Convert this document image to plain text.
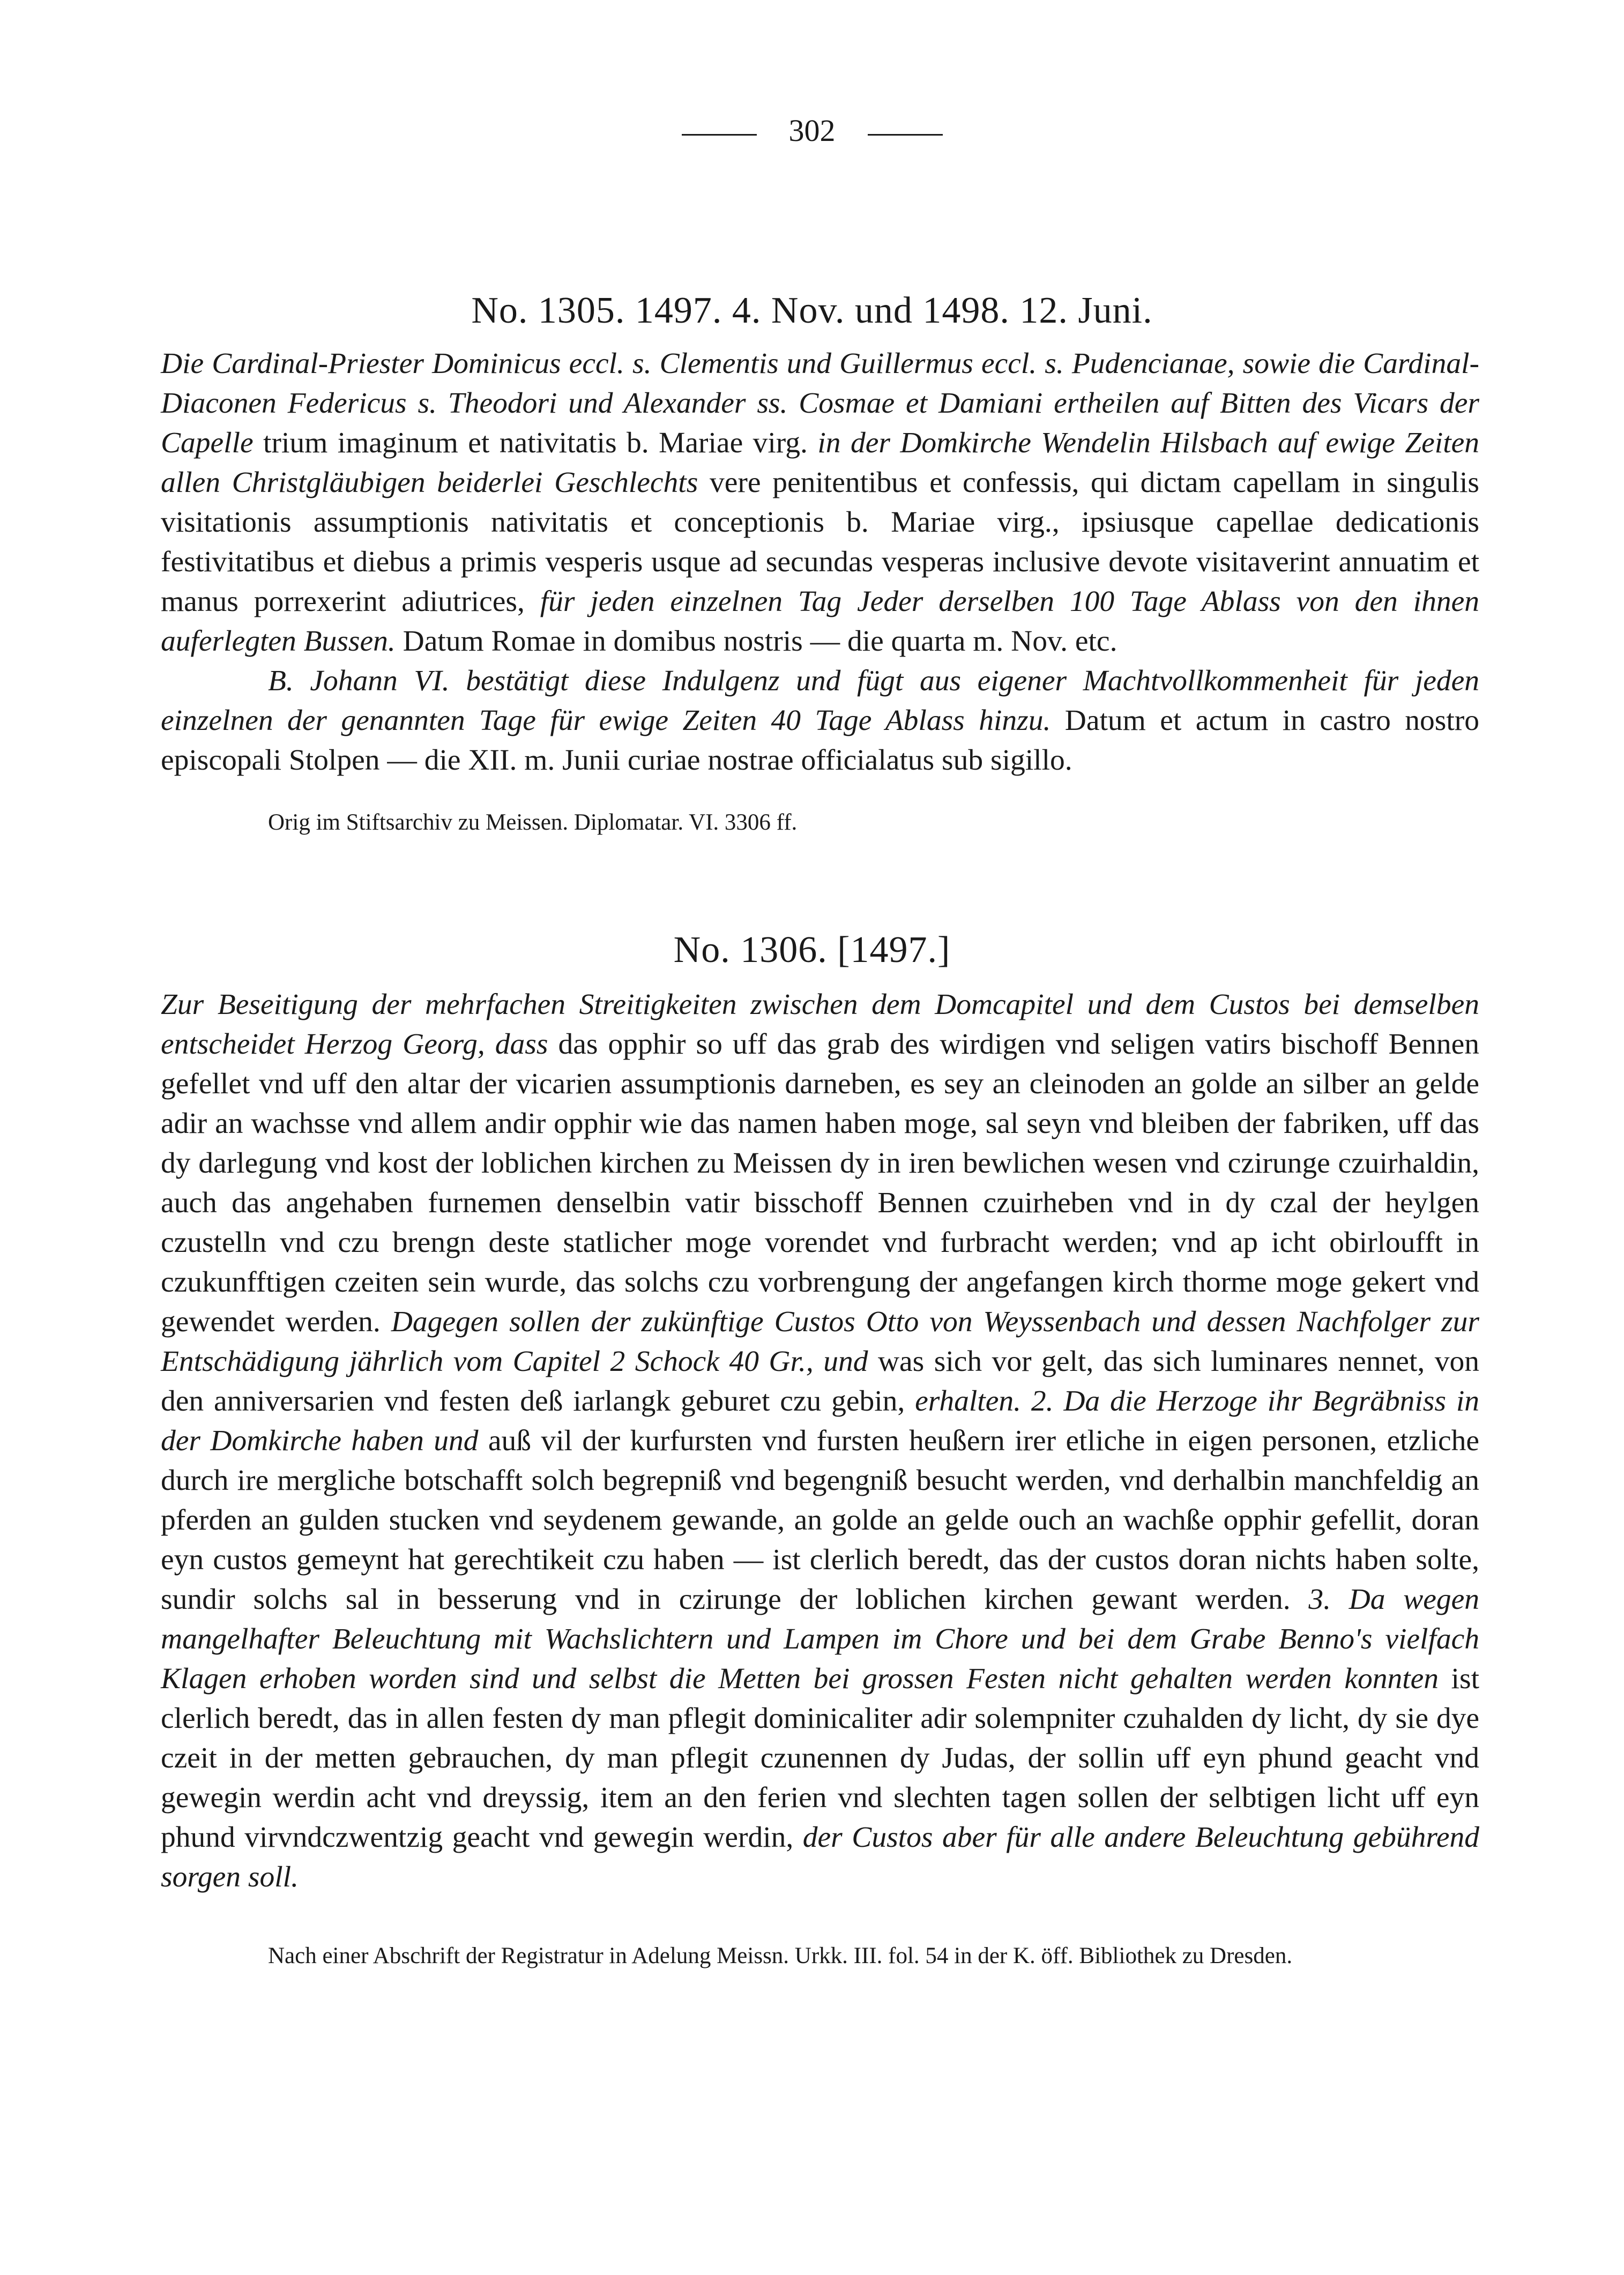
302
No. 1305. 1497. 4. Nov. und 1498. 12. Juni.

Die Cardinal-Priester Dominicus eccl. s. Clementis und Guillermus eccl. s. Pudencianae, sowie die Cardinal-Diaconen Federicus s. Theodori und Alexander ss. Cosmae et Damiani ertheilen auf Bitten des Vicars der Capelle trium imaginum et nativitatis b. Mariae virg. in der Domkirche Wendelin Hilsbach auf ewige Zeiten allen Christgläubigen beiderlei Geschlechts vere penitentibus et confessis, qui dictam capellam in singulis visitationis assumptionis nativitatis et conceptionis b. Mariae virg., ipsiusque capellae dedicationis festivitatibus et diebus a primis vesperis usque ad secundas vesperas inclusive devote visitaverint annuatim et manus porrexerint adiutrices, für jeden einzelnen Tag Jeder derselben 100 Tage Ablass von den ihnen auferlegten Bussen. Datum Romae in domibus nostris — die quarta m. Nov. etc.

B. Johann VI. bestätigt diese Indulgenz und fügt aus eigener Machtvollkommenheit für jeden einzelnen der genannten Tage für ewige Zeiten 40 Tage Ablass hinzu. Datum et actum in castro nostro episcopali Stolpen — die XII. m. Junii curiae nostrae officialatus sub sigillo.

Orig im Stiftsarchiv zu Meissen. Diplomatar. VI. 3306 ff.
No. 1306. [1497.]

Zur Beseitigung der mehrfachen Streitigkeiten zwischen dem Domcapitel und dem Custos bei demselben entscheidet Herzog Georg, dass das opphir so uff das grab des wirdigen vnd seligen vatirs bischoff Bennen gefellet vnd uff den altar der vicarien assumptionis darneben, es sey an cleinoden an golde an silber an gelde adir an wachsse vnd allem andir opphir wie das namen haben moge, sal seyn vnd bleiben der fabriken, uff das dy darlegung vnd kost der loblichen kirchen zu Meissen dy in iren bewlichen wesen vnd czirunge czuirhaldin, auch das angehaben furnemen denselbin vatir bisschoff Bennen czuirheben vnd in dy czal der heylgen czustelln vnd czu brengn deste statlicher moge vorendet vnd furbracht werden; vnd ap icht obirloufft in czukunfftigen czeiten sein wurde, das solchs czu vorbrengung der angefangen kirch thorme moge gekert vnd gewendet werden. Dagegen sollen der zukünftige Custos Otto von Weyssenbach und dessen Nachfolger zur Entschädigung jährlich vom Capitel 2 Schock 40 Gr., und was sich vor gelt, das sich luminares nennet, von den anniversarien vnd festen deß iarlangk geburet czu gebin, erhalten. 2. Da die Herzoge ihr Begräbniss in der Domkirche haben und auß vil der kurfursten vnd fursten heußern irer etliche in eigen personen, etzliche durch ire mergliche botschafft solch begrepniß vnd begengniß besucht werden, vnd derhalbin manchfeldig an pferden an gulden stucken vnd seydenem gewande, an golde an gelde ouch an wachße opphir gefellit, doran eyn custos gemeynt hat gerechtikeit czu haben — ist clerlich beredt, das der custos doran nichts haben solte, sundir solchs sal in besserung vnd in czirunge der loblichen kirchen gewant werden. 3. Da wegen mangelhafter Beleuchtung mit Wachslichtern und Lampen im Chore und bei dem Grabe Benno's vielfach Klagen erhoben worden sind und selbst die Metten bei grossen Festen nicht gehalten werden konnten ist clerlich beredt, das in allen festen dy man pflegit dominicaliter adir solempniter czuhalden dy licht, dy sie dye czeit in der metten gebrauchen, dy man pflegit czunennen dy Judas, der sollin uff eyn phund geacht vnd gewegin werdin acht vnd dreyssig, item an den ferien vnd slechten tagen sollen der selbtigen licht uff eyn phund virvndczwentzig geacht vnd gewegin werdin, der Custos aber für alle andere Beleuchtung gebührend sorgen soll.

Nach einer Abschrift der Registratur in Adelung Meissn. Urkk. III. fol. 54 in der K. öff. Bibliothek zu Dresden.
